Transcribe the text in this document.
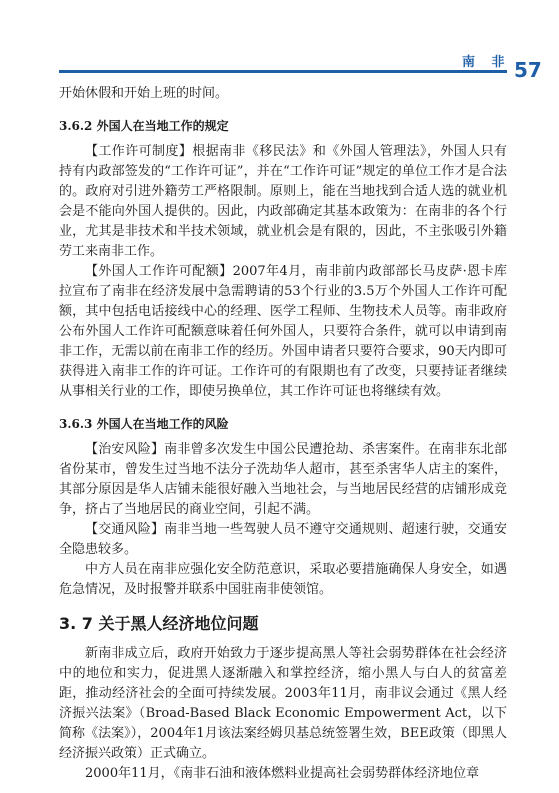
南 非 57

开始休假和开始上班的时间。

3.6.2 外国人在当地工作的规定

【工作许可制度】根据南非《移民法》和《外国人管理法》，外国人只有持有内政部签发的“工作许可证”，并在“工作许可证”规定的单位工作才是合法的。政府对引进外籍劳工严格限制。原则上，能在当地找到合适人选的就业机会是不能向外国人提供的。因此，内政部确定其基本政策为：在南非的各个行业，尤其是非技术和半技术领域，就业机会是有限的，因此，不主张吸引外籍劳工来南非工作。

【外国人工作许可配额】2007年4月，南非前内政部部长马皮萨·恩卡库拉宣布了南非在经济发展中急需聘请的53个行业的3.5万个外国人工作许可配额，其中包括电话接线中心的经理、医学工程师、生物技术人员等。南非政府公布外国人工作许可配额意味着任何外国人，只要符合条件，就可以申请到南非工作，无需以前在南非工作的经历。外国申请者只要符合要求，90天内即可获得进入南非工作的许可证。工作许可的有限期也有了改变，只要持证者继续从事相关行业的工作，即使另换单位，其工作许可证也将继续有效。

3.6.3 外国人在当地工作的风险

【治安风险】南非曾多次发生中国公民遭抢劫、杀害案件。在南非东北部省份某市，曾发生过当地不法分子洗劫华人超市，甚至杀害华人店主的案件，其部分原因是华人店铺未能很好融入当地社会，与当地居民经营的店铺形成竞争，挤占了当地居民的商业空间，引起不满。

【交通风险】南非当地一些驾驶人员不遵守交通规则、超速行驶，交通安全隐患较多。

中方人员在南非应强化安全防范意识，采取必要措施确保人身安全，如遇危急情况，及时报警并联系中国驻南非使领馆。

3. 7 关于黑人经济地位问题

新南非成立后，政府开始致力于逐步提高黑人等社会弱势群体在社会经济中的地位和实力，促进黑人逐渐融入和掌控经济，缩小黑人与白人的贫富差距，推动经济社会的全面可持续发展。2003年11月，南非议会通过《黑人经济振兴法案》（Broad-Based Black Economic Empowerment Act，以下简称《法案》），2004年1月该法案经姆贝基总统签署生效，BEE政策（即黑人经济振兴政策）正式确立。

2000年11月，《南非石油和液体燃料业提高社会弱势群体经济地位章
